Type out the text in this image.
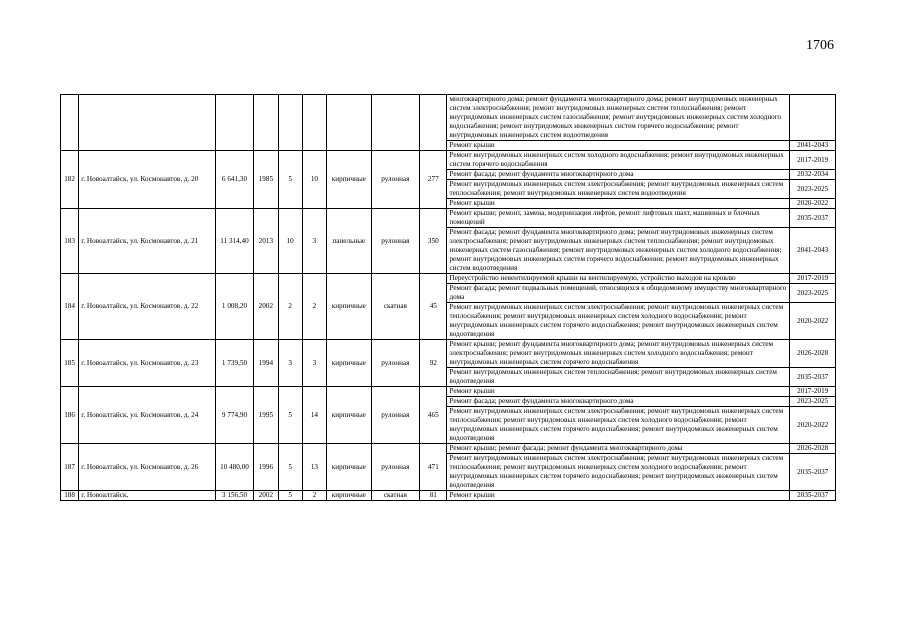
1706
									многоквартирного дома; ремонт фундамента многоквартирного дома; ремонт внутридомовых инженерных систем электроснабжения; ремонт внутридомовых инженерных систем теплоснабжения; ремонт внутридомовых инженерных систем газоснабжения; ремонт внутридомовых инженерных систем холодного водоснабжения; ремонт внутридомовых инженерных систем горячего водоснабжения; ремонт внутридомовых инженерных систем водоотведения	
									Ремонт крыши	2041-2043
182	г. Новоалтайск, ул. Космонавтов, д. 20	6 641,30	1985	5	10	кирпичные	рулонная	277	Ремонт внутридомовых инженерных систем холодного водоснабжения; ремонт внутридомовых инженерных систем горячего водоснабжения	2017-2019
									Ремонт фасада; ремонт фундамента многоквартирного дома	2032-2034
									Ремонт внутридомовых инженерных систем электроснабжения; ремонт внутридомовых инженерных систем теплоснабжения; ремонт внутридомовых инженерных систем водоотведения	2023-2025
									Ремонт крыши	2020-2022
183	г. Новоалтайск, ул. Космонавтов, д. 21	11 314,40	2013	10	3	панельные	рулонная	350	Ремонт крыши; ремонт, замена, модернизация лифтов, ремонт лифтовых шахт, машинных и блочных помещений	2035-2037
									Ремонт фасада; ремонт фундамента многоквартирного дома; ремонт внутридомовых инженерных систем электроснабжения; ремонт внутридомовых инженерных систем теплоснабжения; ремонт внутридомовых инженерных систем газоснабжения; ремонт внутридомовых инженерных систем холодного водоснабжения; ремонт внутридомовых инженерных систем горячего водоснабжения; ремонт внутридомовых инженерных систем водоотведения	2041-2043
184	г. Новоалтайск, ул. Космонавтов, д. 22	1 008,20	2002	2	2	кирпичные	скатная	45	Переустройство невентилируемой крыши на вентилируемую, устройство выходов на кровлю	2017-2019
									Ремонт фасада; ремонт подвальных помещений, относящихся к общедомовому имуществу многоквартирного дома	2023-2025
									Ремонт внутридомовых инженерных систем электроснабжения; ремонт внутридомовых инженерных систем теплоснабжения; ремонт внутридомовых инженерных систем холодного водоснабжения; ремонт внутридомовых инженерных систем горячего водоснабжения; ремонт внутридомовых инженерных систем водоотведения	2020-2022
185	г. Новоалтайск, ул. Космонавтов, д. 23	1 739,50	1994	3	3	кирпичные	рулонная	92	Ремонт крыши; ремонт фундамента многоквартирного дома; ремонт внутридомовых инженерных систем электроснабжения; ремонт внутридомовых инженерных систем холодного водоснабжения; ремонт внутридомовых инженерных систем горячего водоснабжения	2026-2028
									Ремонт внутридомовых инженерных систем теплоснабжения; ремонт внутридомовых инженерных систем водоотведения	2035-2037
186	г. Новоалтайск, ул. Космонавтов, д. 24	9 774,90	1995	5	14	кирпичные	рулонная	465	Ремонт крыши	2017-2019
									Ремонт фасада; ремонт фундамента многоквартирного дома	2023-2025
									Ремонт внутридомовых инженерных систем электроснабжения; ремонт внутридомовых инженерных систем теплоснабжения; ремонт внутридомовых инженерных систем холодного водоснабжения; ремонт внутридомовых инженерных систем горячего водоснабжения; ремонт внутридомовых инженерных систем водоотведения	2020-2022
187	г. Новоалтайск, ул. Космонавтов, д. 26	10 480,00	1996	5	13	кирпичные	рулонная	471	Ремонт крыши; ремонт фасада; ремонт фундамента многоквартирного дома	2026-2028
									Ремонт внутридомовых инженерных систем электроснабжения; ремонт внутридомовых инженерных систем теплоснабжения; ремонт внутридомовых инженерных систем холодного водоснабжения; ремонт внутридомовых инженерных систем горячего водоснабжения; ремонт внутридомовых инженерных систем водоотведения	2035-2037
188	г. Новоалтайск,	3 156,50	2002	5	2	кирпичные	скатная	81	Ремонт крыши	2035-2037
